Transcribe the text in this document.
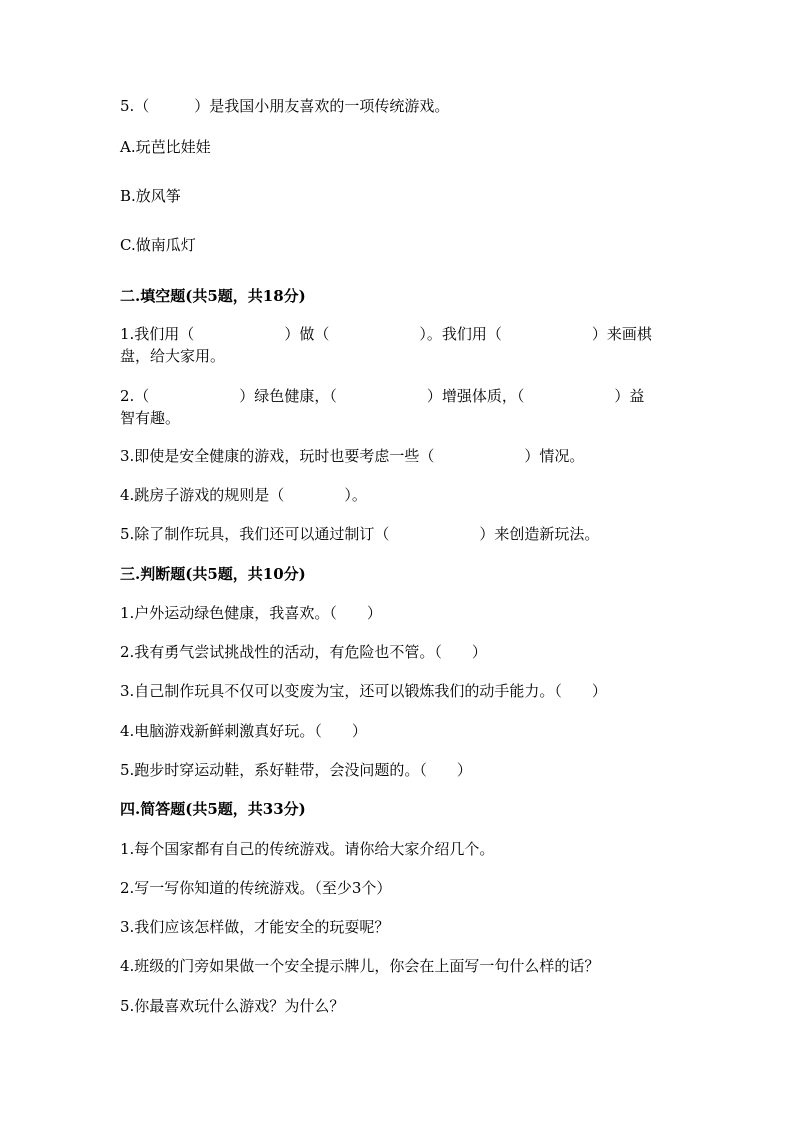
5.（　　　）是我国小朋友喜欢的一项传统游戏。
A.玩芭比娃娃
B.放风筝
C.做南瓜灯
二.填空题(共5题，共18分)
1.我们用（　　　　　　）做（　　　　　　）。我们用（　　　　　　）来画棋
盘，给大家用。
2.（　　　　　　）绿色健康，（　　　　　　）增强体质，（　　　　　　）益
智有趣。
3.即使是安全健康的游戏，玩时也要考虑一些（　　　　　　）情况。
4.跳房子游戏的规则是（　　　　）。
5.除了制作玩具，我们还可以通过制订（　　　　　　）来创造新玩法。
三.判断题(共5题，共10分)
1.户外运动绿色健康，我喜欢。（　　）
2.我有勇气尝试挑战性的活动，有危险也不管。（　　）
3.自己制作玩具不仅可以变废为宝，还可以锻炼我们的动手能力。（　　）
4.电脑游戏新鲜刺激真好玩。（　　）
5.跑步时穿运动鞋，系好鞋带，会没问题的。（　　）
四.简答题(共5题，共33分)
1.每个国家都有自己的传统游戏。请你给大家介绍几个。
2.写一写你知道的传统游戏。（至少3个）
3.我们应该怎样做，才能安全的玩耍呢？
4.班级的门旁如果做一个安全提示牌儿，你会在上面写一句什么样的话？
5.你最喜欢玩什么游戏？为什么？
